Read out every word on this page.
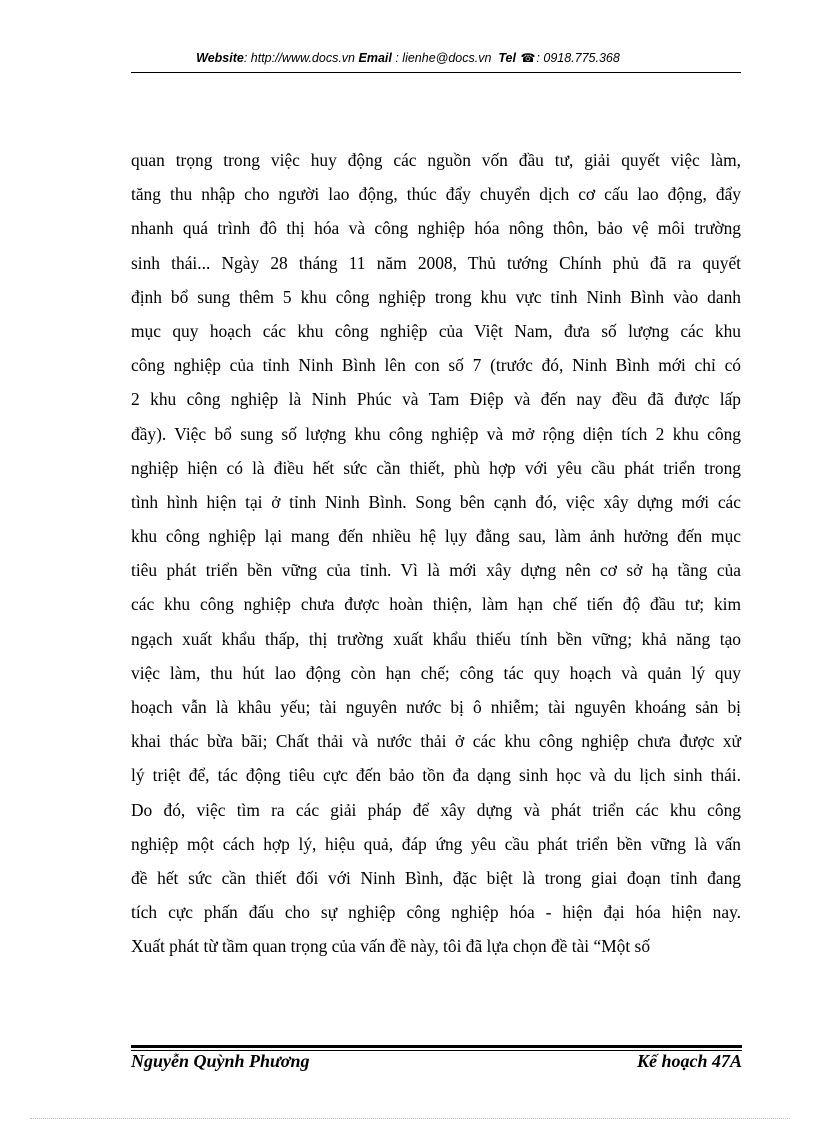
Website: http://www.docs.vn Email : lienhe@docs.vn Tel ☎: 0918.775.368
quan trọng trong việc huy động các nguồn vốn đầu tư, giải quyết việc làm,
tăng thu nhập cho người lao động, thúc đẩy chuyển dịch cơ cấu lao động, đẩy
nhanh quá trình đô thị hóa và công nghiệp hóa nông thôn, bảo vệ môi trường
sinh thái... Ngày 28 tháng 11 năm 2008, Thủ tướng Chính phủ đã ra quyết
định bổ sung thêm 5 khu công nghiệp trong khu vực tỉnh Ninh Bình vào danh
mục quy hoạch các khu công nghiệp của Việt Nam, đưa số lượng các khu
công nghiệp của tỉnh Ninh Bình lên con số 7 (trước đó, Ninh Bình mới chỉ có
2 khu công nghiệp là Ninh Phúc và Tam Điệp và đến nay đều đã được lấp
đầy). Việc bổ sung số lượng khu công nghiệp và mở rộng diện tích 2 khu công
nghiệp hiện có là điều hết sức cần thiết, phù hợp với yêu cầu phát triển trong
tình hình hiện tại ở tỉnh Ninh Bình. Song bên cạnh đó, việc xây dựng mới các
khu công nghiệp lại mang đến nhiều hệ lụy đằng sau, làm ảnh hưởng đến mục
tiêu phát triển bền vững của tỉnh. Vì là mới xây dựng nên cơ sở hạ tầng của
các khu công nghiệp chưa được hoàn thiện, làm hạn chế tiến độ đầu tư; kim
ngạch xuất khẩu thấp, thị trường xuất khẩu thiếu tính bền vững; khả năng tạo
việc làm, thu hút lao động còn hạn chế; công tác quy hoạch và quản lý quy
hoạch vẫn là khâu yếu; tài nguyên nước bị ô nhiễm; tài nguyên khoáng sản bị
khai thác bừa bãi; Chất thải và nước thải ở các khu công nghiệp chưa được xử
lý triệt để, tác động tiêu cực đến bảo tồn đa dạng sinh học và du lịch sinh thái.
Do đó, việc tìm ra các giải pháp để xây dựng và phát triển các khu công
nghiệp một cách hợp lý, hiệu quả, đáp ứng yêu cầu phát triển bền vững là vấn
đề hết sức cần thiết đối với Ninh Bình, đặc biệt là trong giai đoạn tỉnh đang
tích cực phấn đấu cho sự nghiệp công nghiệp hóa - hiện đại hóa hiện nay.
Xuất phát từ tầm quan trọng của vấn đề này, tôi đã lựa chọn đề tài “Một số
Nguyễn Quỳnh Phương	Kế hoạch 47A
